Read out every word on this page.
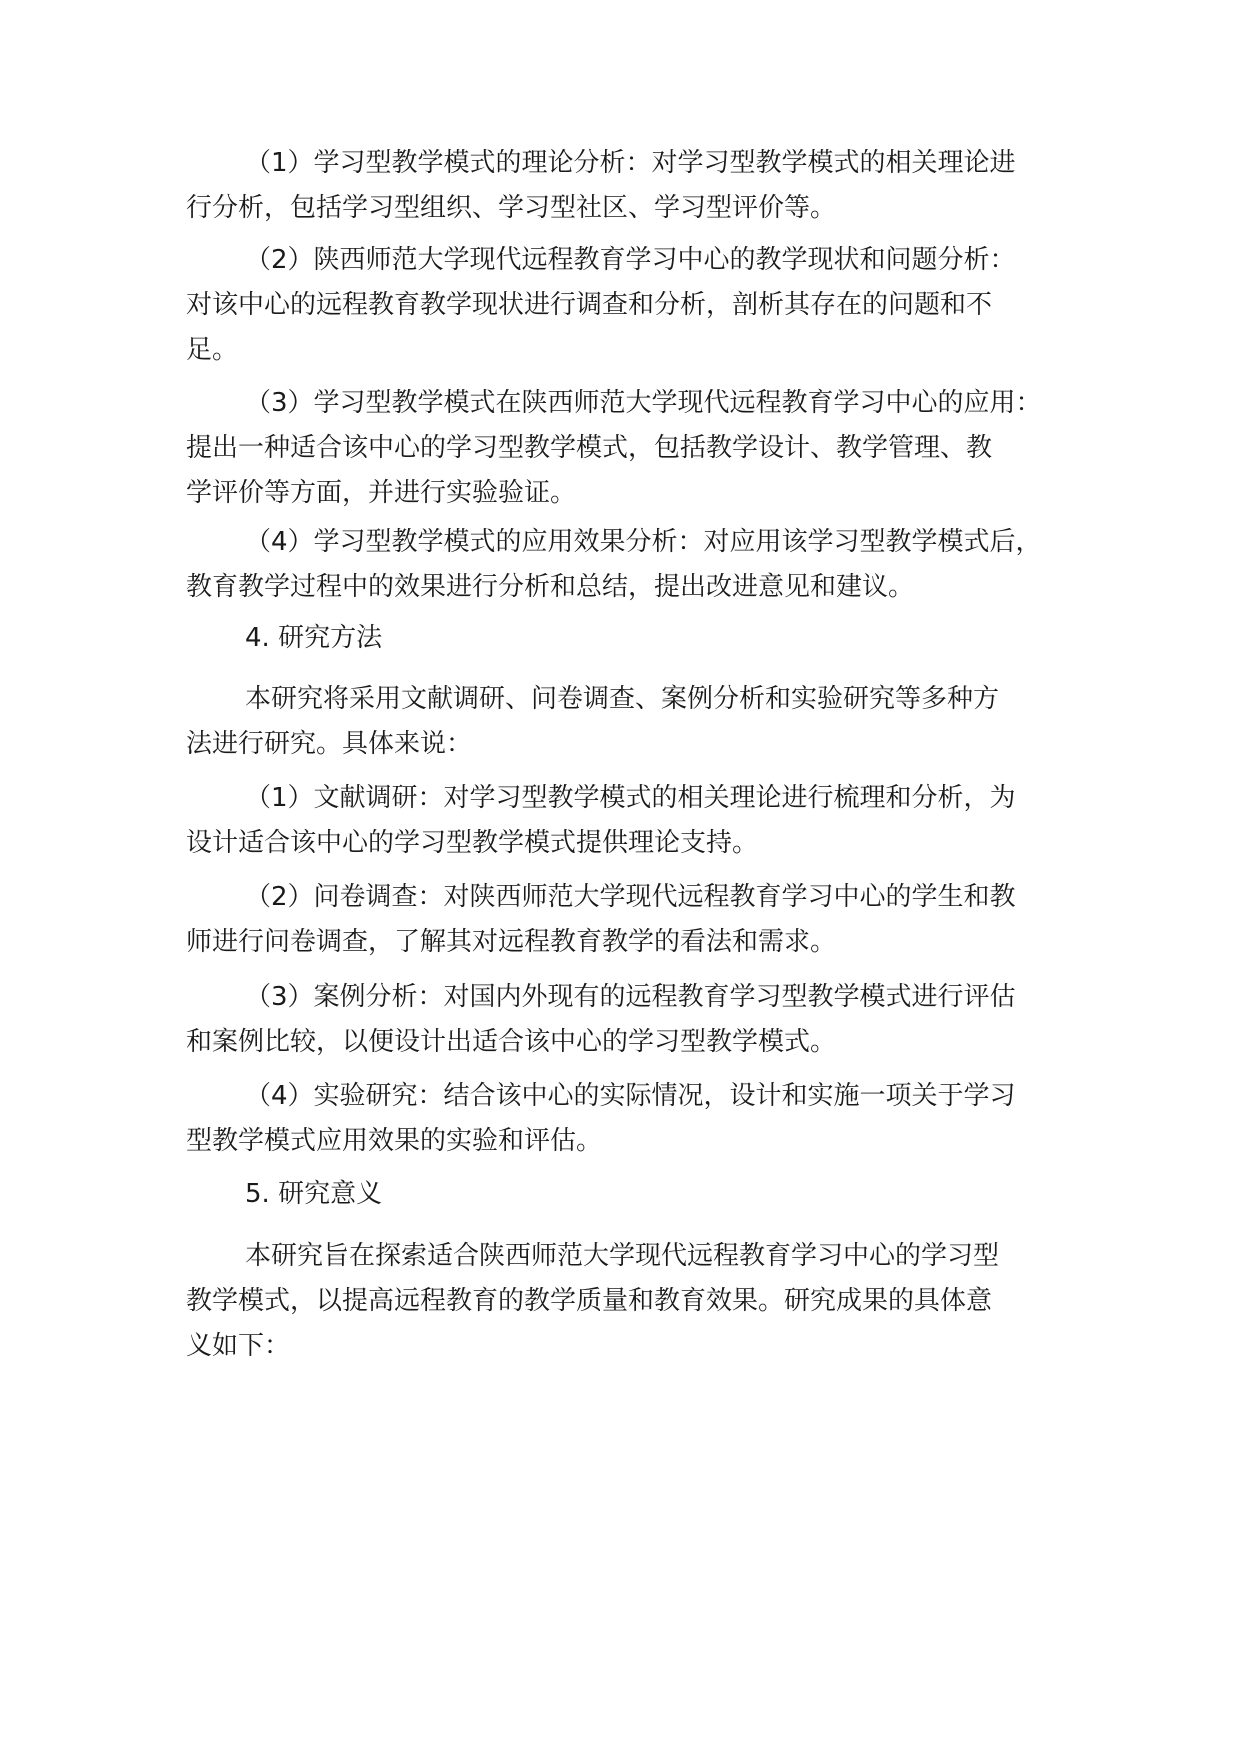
（1）学习型教学模式的理论分析：对学习型教学模式的相关理论进
行分析，包括学习型组织、学习型社区、学习型评价等。

（2）陕西师范大学现代远程教育学习中心的教学现状和问题分析：
对该中心的远程教育教学现状进行调查和分析，剖析其存在的问题和不
足。

（3）学习型教学模式在陕西师范大学现代远程教育学习中心的应用：
提出一种适合该中心的学习型教学模式，包括教学设计、教学管理、教
学评价等方面，并进行实验验证。

（4）学习型教学模式的应用效果分析：对应用该学习型教学模式后，
教育教学过程中的效果进行分析和总结，提出改进意见和建议。

4. 研究方法

本研究将采用文献调研、问卷调查、案例分析和实验研究等多种方
法进行研究。具体来说：

（1）文献调研：对学习型教学模式的相关理论进行梳理和分析，为
设计适合该中心的学习型教学模式提供理论支持。

（2）问卷调查：对陕西师范大学现代远程教育学习中心的学生和教
师进行问卷调查，了解其对远程教育教学的看法和需求。

（3）案例分析：对国内外现有的远程教育学习型教学模式进行评估
和案例比较，以便设计出适合该中心的学习型教学模式。

（4）实验研究：结合该中心的实际情况，设计和实施一项关于学习
型教学模式应用效果的实验和评估。

5. 研究意义

本研究旨在探索适合陕西师范大学现代远程教育学习中心的学习型
教学模式，以提高远程教育的教学质量和教育效果。研究成果的具体意
义如下：
